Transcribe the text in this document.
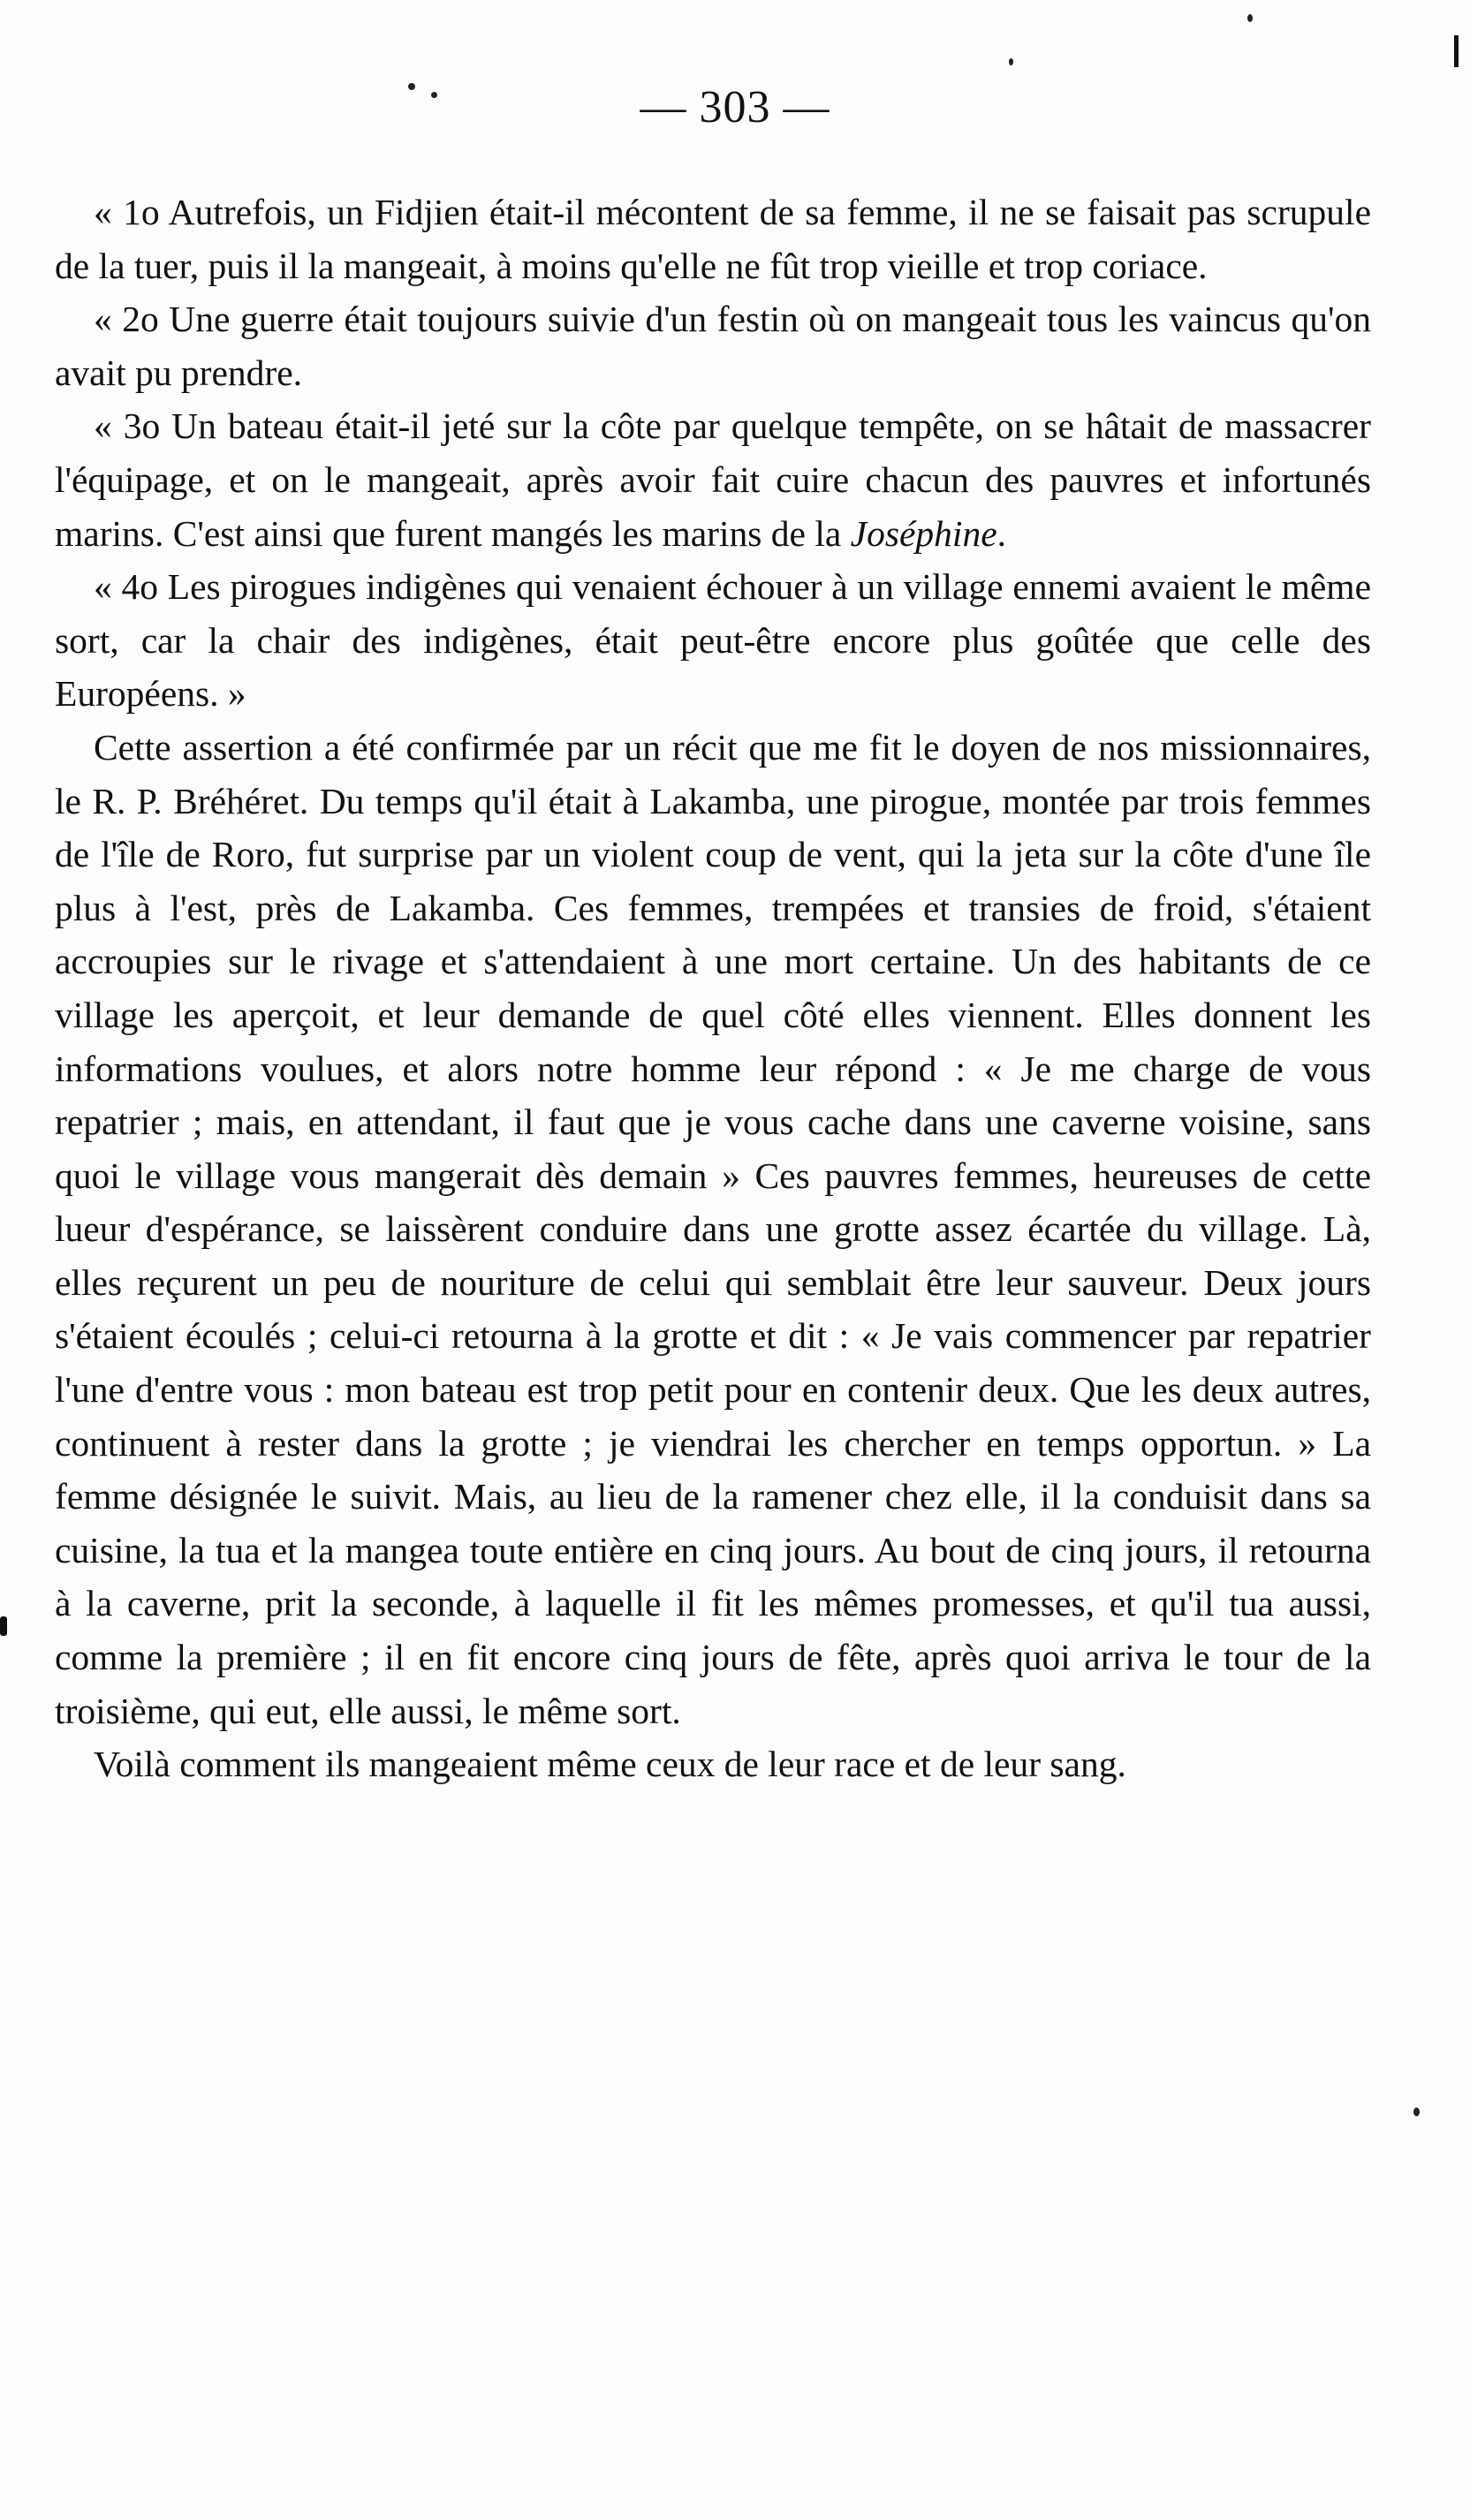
— 303 —

« 1o Autrefois, un Fidjien était-il mécontent de sa femme, il ne se faisait pas scrupule de la tuer, puis il la mangeait, à moins qu'elle ne fût trop vieille et trop coriace.

« 2o Une guerre était toujours suivie d'un festin où on mangeait tous les vaincus qu'on avait pu prendre.

« 3o Un bateau était-il jeté sur la côte par quelque tempête, on se hâtait de massacrer l'équipage, et on le mangeait, après avoir fait cuire chacun des pauvres et infortunés marins. C'est ainsi que furent mangés les marins de la Joséphine.

« 4o Les pirogues indigènes qui venaient échouer à un village ennemi avaient le même sort, car la chair des indigènes, était peut-être encore plus goûtée que celle des Européens. »

Cette assertion a été confirmée par un récit que me fit le doyen de nos missionnaires, le R. P. Bréhéret. Du temps qu'il était à Lakamba, une pirogue, montée par trois femmes de l'île de Roro, fut surprise par un violent coup de vent, qui la jeta sur la côte d'une île plus à l'est, près de Lakamba. Ces femmes, trempées et transies de froid, s'étaient accroupies sur le rivage et s'attendaient à une mort certaine. Un des habitants de ce village les aperçoit, et leur demande de quel côté elles viennent. Elles donnent les informations voulues, et alors notre homme leur répond : « Je me charge de vous repatrier ; mais, en attendant, il faut que je vous cache dans une caverne voisine, sans quoi le village vous mangerait dès demain » Ces pauvres femmes, heureuses de cette lueur d'espérance, se laissèrent conduire dans une grotte assez écartée du village. Là, elles reçurent un peu de nouriture de celui qui semblait être leur sauveur. Deux jours s'étaient écoulés ; celui-ci retourna à la grotte et dit : « Je vais commencer par repatrier l'une d'entre vous : mon bateau est trop petit pour en contenir deux. Que les deux autres, continuent à rester dans la grotte ; je viendrai les chercher en temps opportun. » La femme désignée le suivit. Mais, au lieu de la ramener chez elle, il la conduisit dans sa cuisine, la tua et la mangea toute entière en cinq jours. Au bout de cinq jours, il retourna à la caverne, prit la seconde, à laquelle il fit les mêmes promesses, et qu'il tua aussi, comme la première ; il en fit encore cinq jours de fête, après quoi arriva le tour de la troisième, qui eut, elle aussi, le même sort.

Voilà comment ils mangeaient même ceux de leur race et de leur sang.
